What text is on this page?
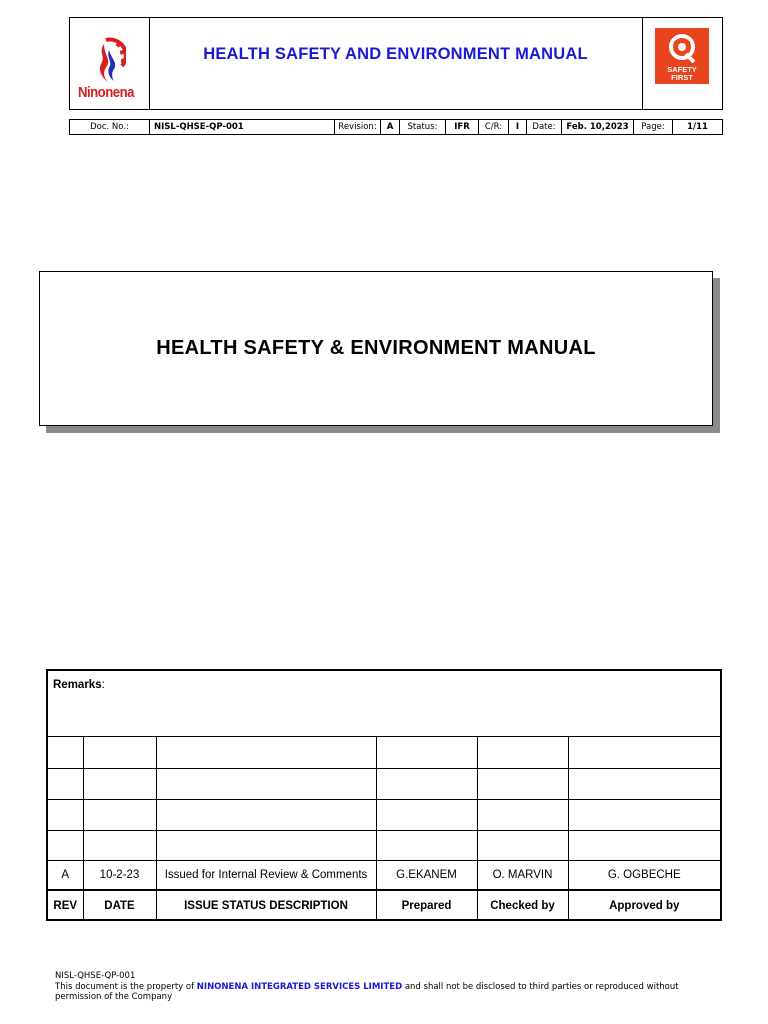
Ninonena
HEALTH SAFETY AND ENVIRONMENT MANUAL
SAFETY
FIRST
Doc. No.:	NISL-QHSE-QP-001	Revision:	A	Status:	IFR	C/R:	I	Date:	Feb. 10,2023	Page:	1/11
HEALTH SAFETY & ENVIRONMENT MANUAL
Remarks:

A	10-2-23	Issued for Internal Review & Comments	G.EKANEM	O. MARVIN	G. OGBECHE
REV	DATE	ISSUE STATUS DESCRIPTION	Prepared	Checked by	Approved by
NISL-QHSE-QP-001
This document is the property of NINONENA INTEGRATED SERVICES LIMITED and shall not be disclosed to third parties or reproduced without permission of the Company
